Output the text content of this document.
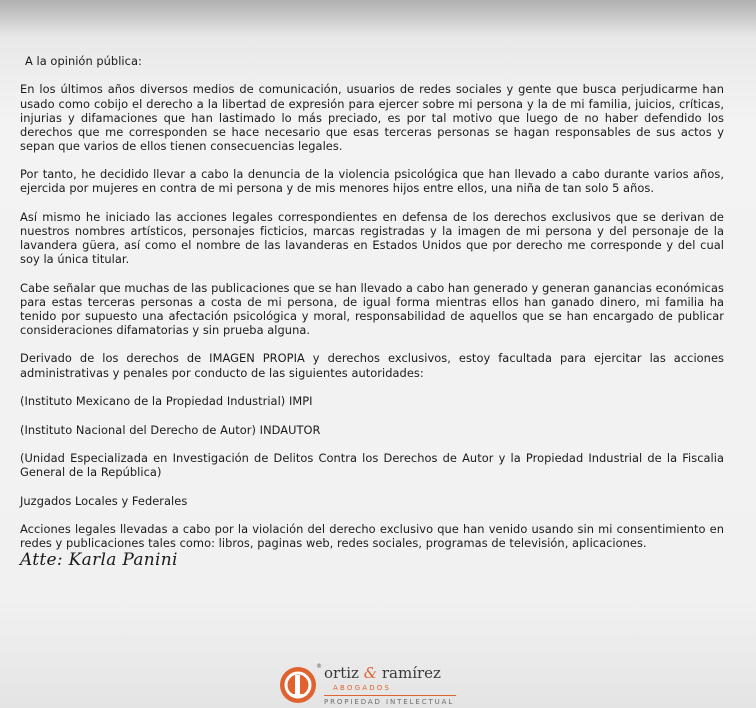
A la opinión pública:

En los últimos años diversos medios de comunicación, usuarios de redes sociales y gente que busca perjudicarme han usado como cobijo el derecho a la libertad de expresión para ejercer sobre mi persona y la de mi familia, juicios, críticas, injurias y difamaciones que han lastimado lo más preciado, es por tal motivo que luego de no haber defendido los derechos que me corresponden se hace necesario que esas terceras personas se hagan responsables de sus actos y sepan que varios de ellos tienen consecuencias legales.

Por tanto, he decidido llevar a cabo la denuncia de la violencia psicológica que han llevado a cabo durante varios años, ejercida por mujeres en contra de mi persona y de mis menores hijos entre ellos, una niña de tan solo 5 años.

Así mismo he iniciado las acciones legales correspondientes en defensa de los derechos exclusivos que se derivan de nuestros nombres artísticos, personajes ficticios, marcas registradas y la imagen de mi persona y del personaje de la lavandera güera, así como el nombre de las lavanderas en Estados Unidos que por derecho me corresponde y del cual soy la única titular.

Cabe señalar que muchas de las publicaciones que se han llevado a cabo han generado y generan ganancias económicas para estas terceras personas a costa de mi persona, de igual forma mientras ellos han ganado dinero, mi familia ha tenido por supuesto una afectación psicológica y moral, responsabilidad de aquellos que se han encargado de publicar consideraciones difamatorias y sin prueba alguna.

Derivado de los derechos de IMAGEN PROPIA y derechos exclusivos, estoy facultada para ejercitar las acciones administrativas y penales por conducto de las siguientes autoridades:

(Instituto Mexicano de la Propiedad Industrial) IMPI

(Instituto Nacional del Derecho de Autor) INDAUTOR

(Unidad Especializada en Investigación de Delitos Contra los Derechos de Autor y la Propiedad Industrial de la Fiscalia General de la República)

Juzgados Locales y Federales

Acciones legales llevadas a cabo por la violación del derecho exclusivo que han venido usando sin mi consentimiento en redes y publicaciones tales como: libros, paginas web, redes sociales, programas de televisión, aplicaciones.

Atte: Karla Panini

® ortiz & ramírez
ABOGADOS
PROPIEDAD INTELECTUAL
